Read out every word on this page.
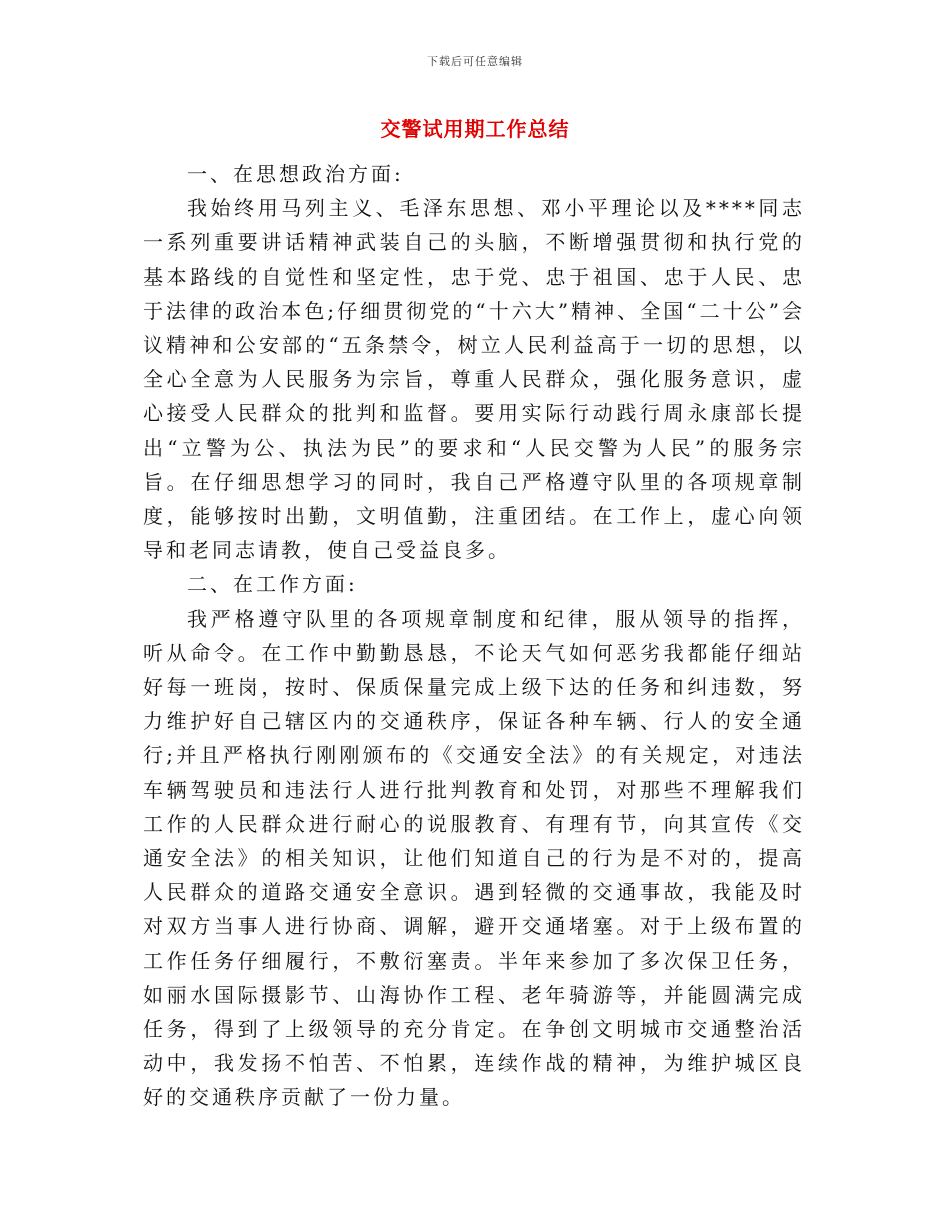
下载后可任意编辑
交警试用期工作总结

一、在思想政治方面:

我始终用马列主义、毛泽东思想、邓小平理论以及****同志一系列重要讲话精神武装自己的头脑，不断增强贯彻和执行党的基本路线的自觉性和坚定性，忠于党、忠于祖国、忠于人民、忠于法律的政治本色;仔细贯彻党的“十六大”精神、全国“二十公”会议精神和公安部的“五条禁令，树立人民利益高于一切的思想，以全心全意为人民服务为宗旨，尊重人民群众，强化服务意识，虚心接受人民群众的批判和监督。要用实际行动践行周永康部长提出“立警为公、执法为民”的要求和“人民交警为人民”的服务宗旨。在仔细思想学习的同时，我自己严格遵守队里的各项规章制度，能够按时出勤，文明值勤，注重团结。在工作上，虚心向领导和老同志请教，使自己受益良多。

二、在工作方面:

我严格遵守队里的各项规章制度和纪律，服从领导的指挥，听从命令。在工作中勤勤恳恳，不论天气如何恶劣我都能仔细站好每一班岗，按时、保质保量完成上级下达的任务和纠违数，努力维护好自己辖区内的交通秩序，保证各种车辆、行人的安全通行;并且严格执行刚刚颁布的《交通安全法》的有关规定，对违法车辆驾驶员和违法行人进行批判教育和处罚，对那些不理解我们工作的人民群众进行耐心的说服教育、有理有节，向其宣传《交通安全法》的相关知识，让他们知道自己的行为是不对的，提高人民群众的道路交通安全意识。遇到轻微的交通事故，我能及时对双方当事人进行协商、调解，避开交通堵塞。对于上级布置的工作任务仔细履行，不敷衍塞责。半年来参加了多次保卫任务，如丽水国际摄影节、山海协作工程、老年骑游等，并能圆满完成任务，得到了上级领导的充分肯定。在争创文明城市交通整治活动中，我发扬不怕苦、不怕累，连续作战的精神，为维护城区良好的交通秩序贡献了一份力量。
